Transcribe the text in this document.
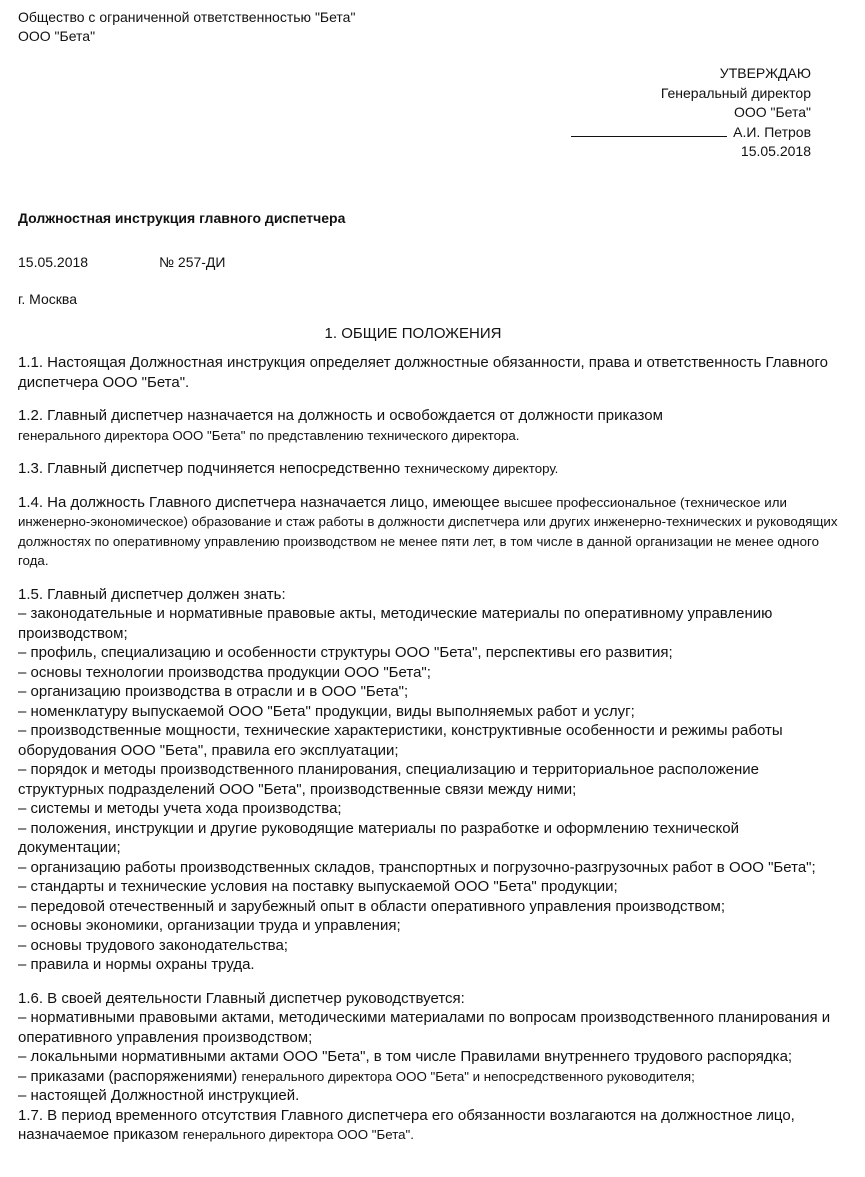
Общество с ограниченной ответственностью "Бета"
ООО "Бета"
УТВЕРЖДАЮ
Генеральный директор
ООО "Бета"
А.И. Петров
15.05.2018
Должностная инструкция главного диспетчера
15.05.2018	№ 257-ДИ
г. Москва
1. ОБЩИЕ ПОЛОЖЕНИЯ

1.1. Настоящая Должностная инструкция определяет должностные обязанности, права и ответственность Главного диспетчера ООО "Бета".

1.2. Главный диспетчер назначается на должность и освобождается от должности приказом
генерального директора ООО "Бета" по представлению технического директора.

1.3. Главный диспетчер подчиняется непосредственно техническому директору.

1.4. На должность Главного диспетчера назначается лицо, имеющее высшее профессиональное (техническое или инженерно-экономическое) образование и стаж работы в должности диспетчера или других инженерно-технических и руководящих должностях по оперативному управлению производством не менее пяти лет, в том числе в данной организации не менее одного года.

1.5. Главный диспетчер должен знать:
– законодательные и нормативные правовые акты, методические материалы по оперативному управлению производством;
– профиль, специализацию и особенности структуры ООО "Бета", перспективы его развития;
– основы технологии производства продукции ООО "Бета";
– организацию производства в отрасли и в ООО "Бета";
– номенклатуру выпускаемой ООО "Бета" продукции, виды выполняемых работ и услуг;
– производственные мощности, технические характеристики, конструктивные особенности и режимы работы оборудования ООО "Бета", правила его эксплуатации;
– порядок и методы производственного планирования, специализацию и территориальное расположение структурных подразделений ООО "Бета", производственные связи между ними;
– системы и методы учета хода производства;
– положения, инструкции и другие руководящие материалы по разработке и оформлению технической документации;
– организацию работы производственных складов, транспортных и погрузочно-разгрузочных работ в ООО "Бета";
– стандарты и технические условия на поставку выпускаемой ООО "Бета" продукции;
– передовой отечественный и зарубежный опыт в области оперативного управления производством;
– основы экономики, организации труда и управления;
– основы трудового законодательства;
– правила и нормы охраны труда.

1.6. В своей деятельности Главный диспетчер руководствуется:
– нормативными правовыми актами, методическими материалами по вопросам производственного планирования и оперативного управления производством;
– локальными нормативными актами ООО "Бета", в том числе Правилами внутреннего трудового распорядка;
– приказами (распоряжениями) генерального директора ООО "Бета" и непосредственного руководителя;
– настоящей Должностной инструкцией.

1.7. В период временного отсутствия Главного диспетчера его обязанности возлагаются на должностное лицо, назначаемое приказом генерального директора ООО "Бета".
